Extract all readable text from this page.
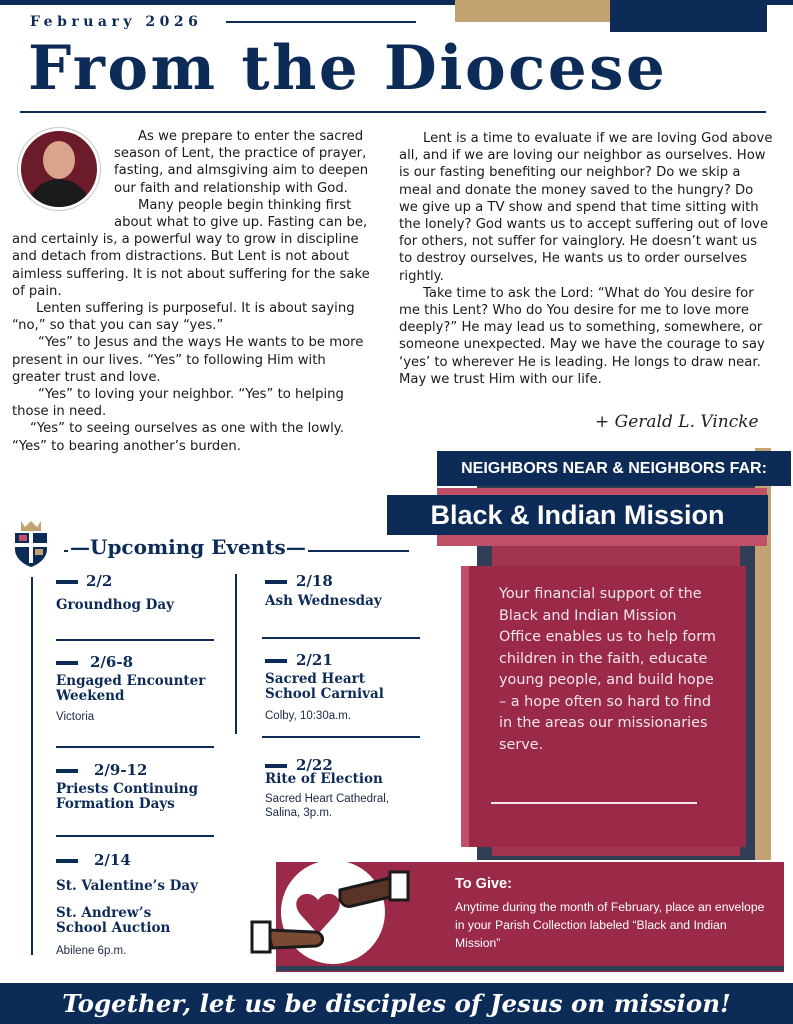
February 2026
From the Diocese

As we prepare to enter the sacred season of Lent, the practice of prayer, fasting, and almsgiving aim to deepen our faith and relationship with God.

Many people begin thinking first about what to give up. Fasting can be, and certainly is, a powerful way to grow in discipline and detach from distractions. But Lent is not about aimless suffering. It is not about suffering for the sake of pain.

Lenten suffering is purposeful. It is about saying “no,” so that you can say “yes.”

“Yes” to Jesus and the ways He wants to be more present in our lives. “Yes” to following Him with greater trust and love.

“Yes” to loving your neighbor. “Yes” to helping those in need.

“Yes” to seeing ourselves as one with the lowly. “Yes” to bearing another’s burden.

Lent is a time to evaluate if we are loving God above all, and if we are loving our neighbor as ourselves. How is our fasting benefiting our neighbor? Do we skip a meal and donate the money saved to the hungry? Do we give up a TV show and spend that time sitting with the lonely? God wants us to accept suffering out of love for others, not suffer for vainglory. He doesn’t want us to destroy ourselves, He wants us to order ourselves rightly.

Take time to ask the Lord: “What do You desire for me this Lent? Who do You desire for me to love more deeply?” He may lead us to something, somewhere, or someone unexpected. May we have the courage to say ‘yes’ to wherever He is leading. He longs to draw near. May we trust Him with our life.

+ Gerald L. Vincke
NEIGHBORS NEAR & NEIGHBORS FAR:
Black & Indian Mission
Your financial support of the Black and Indian Mission Office enables us to help form children in the faith, educate young people, and build hope – a hope often so hard to find in the areas our missionaries serve.
To Give:
Anytime during the month of February, place an envelope in your Parish Collection labeled “Black and Indian Mission”
—Upcoming Events—
2/2
Groundhog Day
2/6-8
Engaged Encounter Weekend
Victoria
2/9-12
Priests Continuing Formation Days
2/14
St. Valentine’s Day
St. Andrew’s School Auction
Abilene 6p.m.
2/18
Ash Wednesday
2/21
Sacred Heart School Carnival
Colby, 10:30a.m.
2/22
Rite of Election
Sacred Heart Cathedral, Salina, 3p.m.
Together, let us be disciples of Jesus on mission!
